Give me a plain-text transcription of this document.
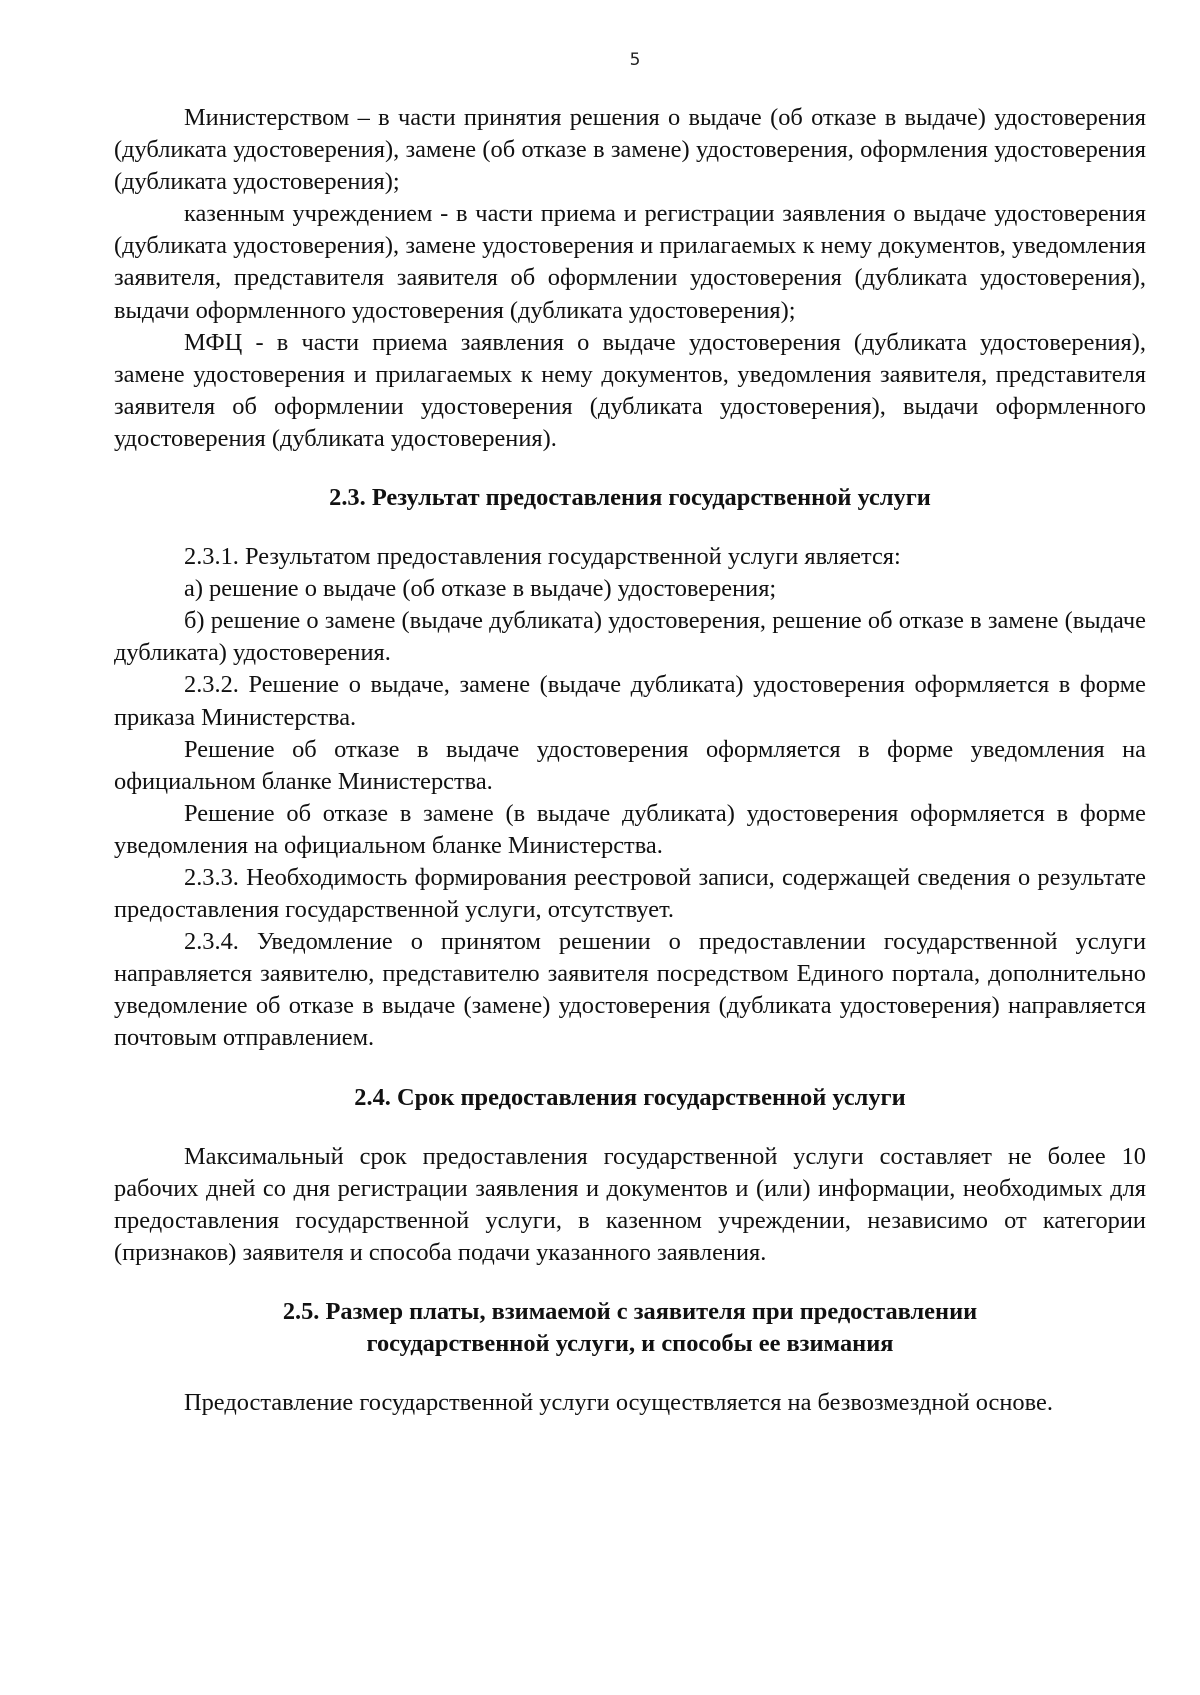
5

Министерством – в части принятия решения о выдаче (об отказе в выдаче) удостоверения (дубликата удостоверения), замене (об отказе в замене) удостоверения, оформления удостоверения (дубликата удостоверения);

казенным учреждением - в части приема и регистрации заявления о выдаче удостоверения (дубликата удостоверения), замене удостоверения и прилагаемых к нему документов, уведомления заявителя, представителя заявителя об оформлении удостоверения (дубликата удостоверения), выдачи оформленного удостоверения (дубликата удостоверения);

МФЦ - в части приема заявления о выдаче удостоверения (дубликата удостоверения), замене удостоверения и прилагаемых к нему документов, уведомления заявителя, представителя заявителя об оформлении удостоверения (дубликата удостоверения), выдачи оформленного удостоверения (дубликата удостоверения).

2.3. Результат предоставления государственной услуги

2.3.1. Результатом предоставления государственной услуги является:

а) решение о выдаче (об отказе в выдаче) удостоверения;

б) решение о замене (выдаче дубликата) удостоверения, решение об отказе в замене (выдаче дубликата) удостоверения.

2.3.2. Решение о выдаче, замене (выдаче дубликата) удостоверения оформляется в форме приказа Министерства.

Решение об отказе в выдаче удостоверения оформляется в форме уведомления на официальном бланке Министерства.

Решение об отказе в замене (в выдаче дубликата) удостоверения оформляется в форме уведомления на официальном бланке Министерства.

2.3.3. Необходимость формирования реестровой записи, содержащей сведения о результате предоставления государственной услуги, отсутствует.

2.3.4. Уведомление о принятом решении о предоставлении государственной услуги направляется заявителю, представителю заявителя посредством Единого портала, дополнительно уведомление об отказе в выдаче (замене) удостоверения (дубликата удостоверения) направляется почтовым отправлением.

2.4. Срок предоставления государственной услуги

Максимальный срок предоставления государственной услуги составляет не более 10 рабочих дней со дня регистрации заявления и документов и (или) информации, необходимых для предоставления государственной услуги, в казенном учреждении, независимо от категории (признаков) заявителя и способа подачи указанного заявления.

2.5. Размер платы, взимаемой с заявителя при предоставлении
государственной услуги, и способы ее взимания

Предоставление государственной услуги осуществляется на безвозмездной основе.
